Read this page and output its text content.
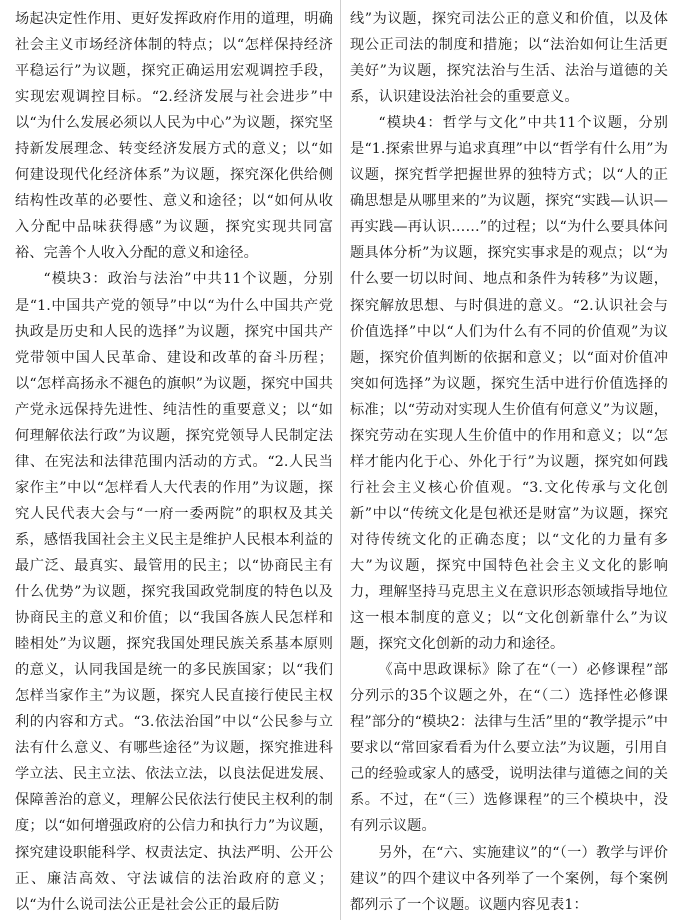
场起决定性作用、更好发挥政府作用的道理，明确社会主义市场经济体制的特点；以“怎样保持经济平稳运行”为议题，探究正确运用宏观调控手段，实现宏观调控目标。“2.经济发展与社会进步”中以“为什么发展必须以人民为中心”为议题，探究坚持新发展理念、转变经济发展方式的意义；以“如何建设现代化经济体系”为议题，探究深化供给侧结构性改革的必要性、意义和途径；以“如何从收入分配中品味获得感”为议题，探究实现共同富裕、完善个人收入分配的意义和途径。

“模块3：政治与法治”中共11个议题，分别是“1.中国共产党的领导”中以“为什么中国共产党执政是历史和人民的选择”为议题，探究中国共产党带领中国人民革命、建设和改革的奋斗历程；以“怎样高扬永不褪色的旗帜”为议题，探究中国共产党永远保持先进性、纯洁性的重要意义；以“如何理解依法行政”为议题，探究党领导人民制定法律、在宪法和法律范围内活动的方式。“2.人民当家作主”中以“怎样看人大代表的作用”为议题，探究人民代表大会与“一府一委两院”的职权及其关系，感悟我国社会主义民主是维护人民根本利益的最广泛、最真实、最管用的民主；以“协商民主有什么优势”为议题，探究我国政党制度的特色以及协商民主的意义和价值；以“我国各族人民怎样和睦相处”为议题，探究我国处理民族关系基本原则的意义，认同我国是统一的多民族国家；以“我们怎样当家作主”为议题，探究人民直接行使民主权利的内容和方式。“3.依法治国”中以“公民参与立法有什么意义、有哪些途径”为议题，探究推进科学立法、民主立法、依法立法，以良法促进发展、保障善治的意义，理解公民依法行使民主权利的制度；以“如何增强政府的公信力和执行力”为议题，探究建设职能科学、权责法定、执法严明、公开公正、廉洁高效、守法诚信的法治政府的意义；以“为什么说司法公正是社会公正的最后防

线”为议题，探究司法公正的意义和价值，以及体现公正司法的制度和措施；以“法治如何让生活更美好”为议题，探究法治与生活、法治与道德的关系，认识建设法治社会的重要意义。

“模块4：哲学与文化”中共11个议题，分别是“1.探索世界与追求真理”中以“哲学有什么用”为议题，探究哲学把握世界的独特方式；以“人的正确思想是从哪里来的”为议题，探究“实践—认识—再实践—再认识……”的过程；以“为什么要具体问题具体分析”为议题，探究实事求是的观点；以“为什么要一切以时间、地点和条件为转移”为议题，探究解放思想、与时俱进的意义。“2.认识社会与价值选择”中以“人们为什么有不同的价值观”为议题，探究价值判断的依据和意义；以“面对价值冲突如何选择”为议题，探究生活中进行价值选择的标准；以“劳动对实现人生价值有何意义”为议题，探究劳动在实现人生价值中的作用和意义；以“怎样才能内化于心、外化于行”为议题，探究如何践行社会主义核心价值观。“3.文化传承与文化创新”中以“传统文化是包袱还是财富”为议题，探究对待传统文化的正确态度；以“文化的力量有多大”为议题，探究中国特色社会主义文化的影响力，理解坚持马克思主义在意识形态领域指导地位这一根本制度的意义；以“文化创新靠什么”为议题，探究文化创新的动力和途径。

《高中思政课标》除了在“（一）必修课程”部分列示的35个议题之外，在“（二）选择性必修课程”部分的“模块2：法律与生活”里的“教学提示”中要求以“常回家看看为什么要立法”为议题，引用自己的经验或家人的感受，说明法律与道德之间的关系。不过，在“（三）选修课程”的三个模块中，没有列示议题。

另外，在“六、实施建议”的“（一）教学与评价建议”的四个建议中各列举了一个案例，每个案例都列示了一个议题。议题内容见表1：
